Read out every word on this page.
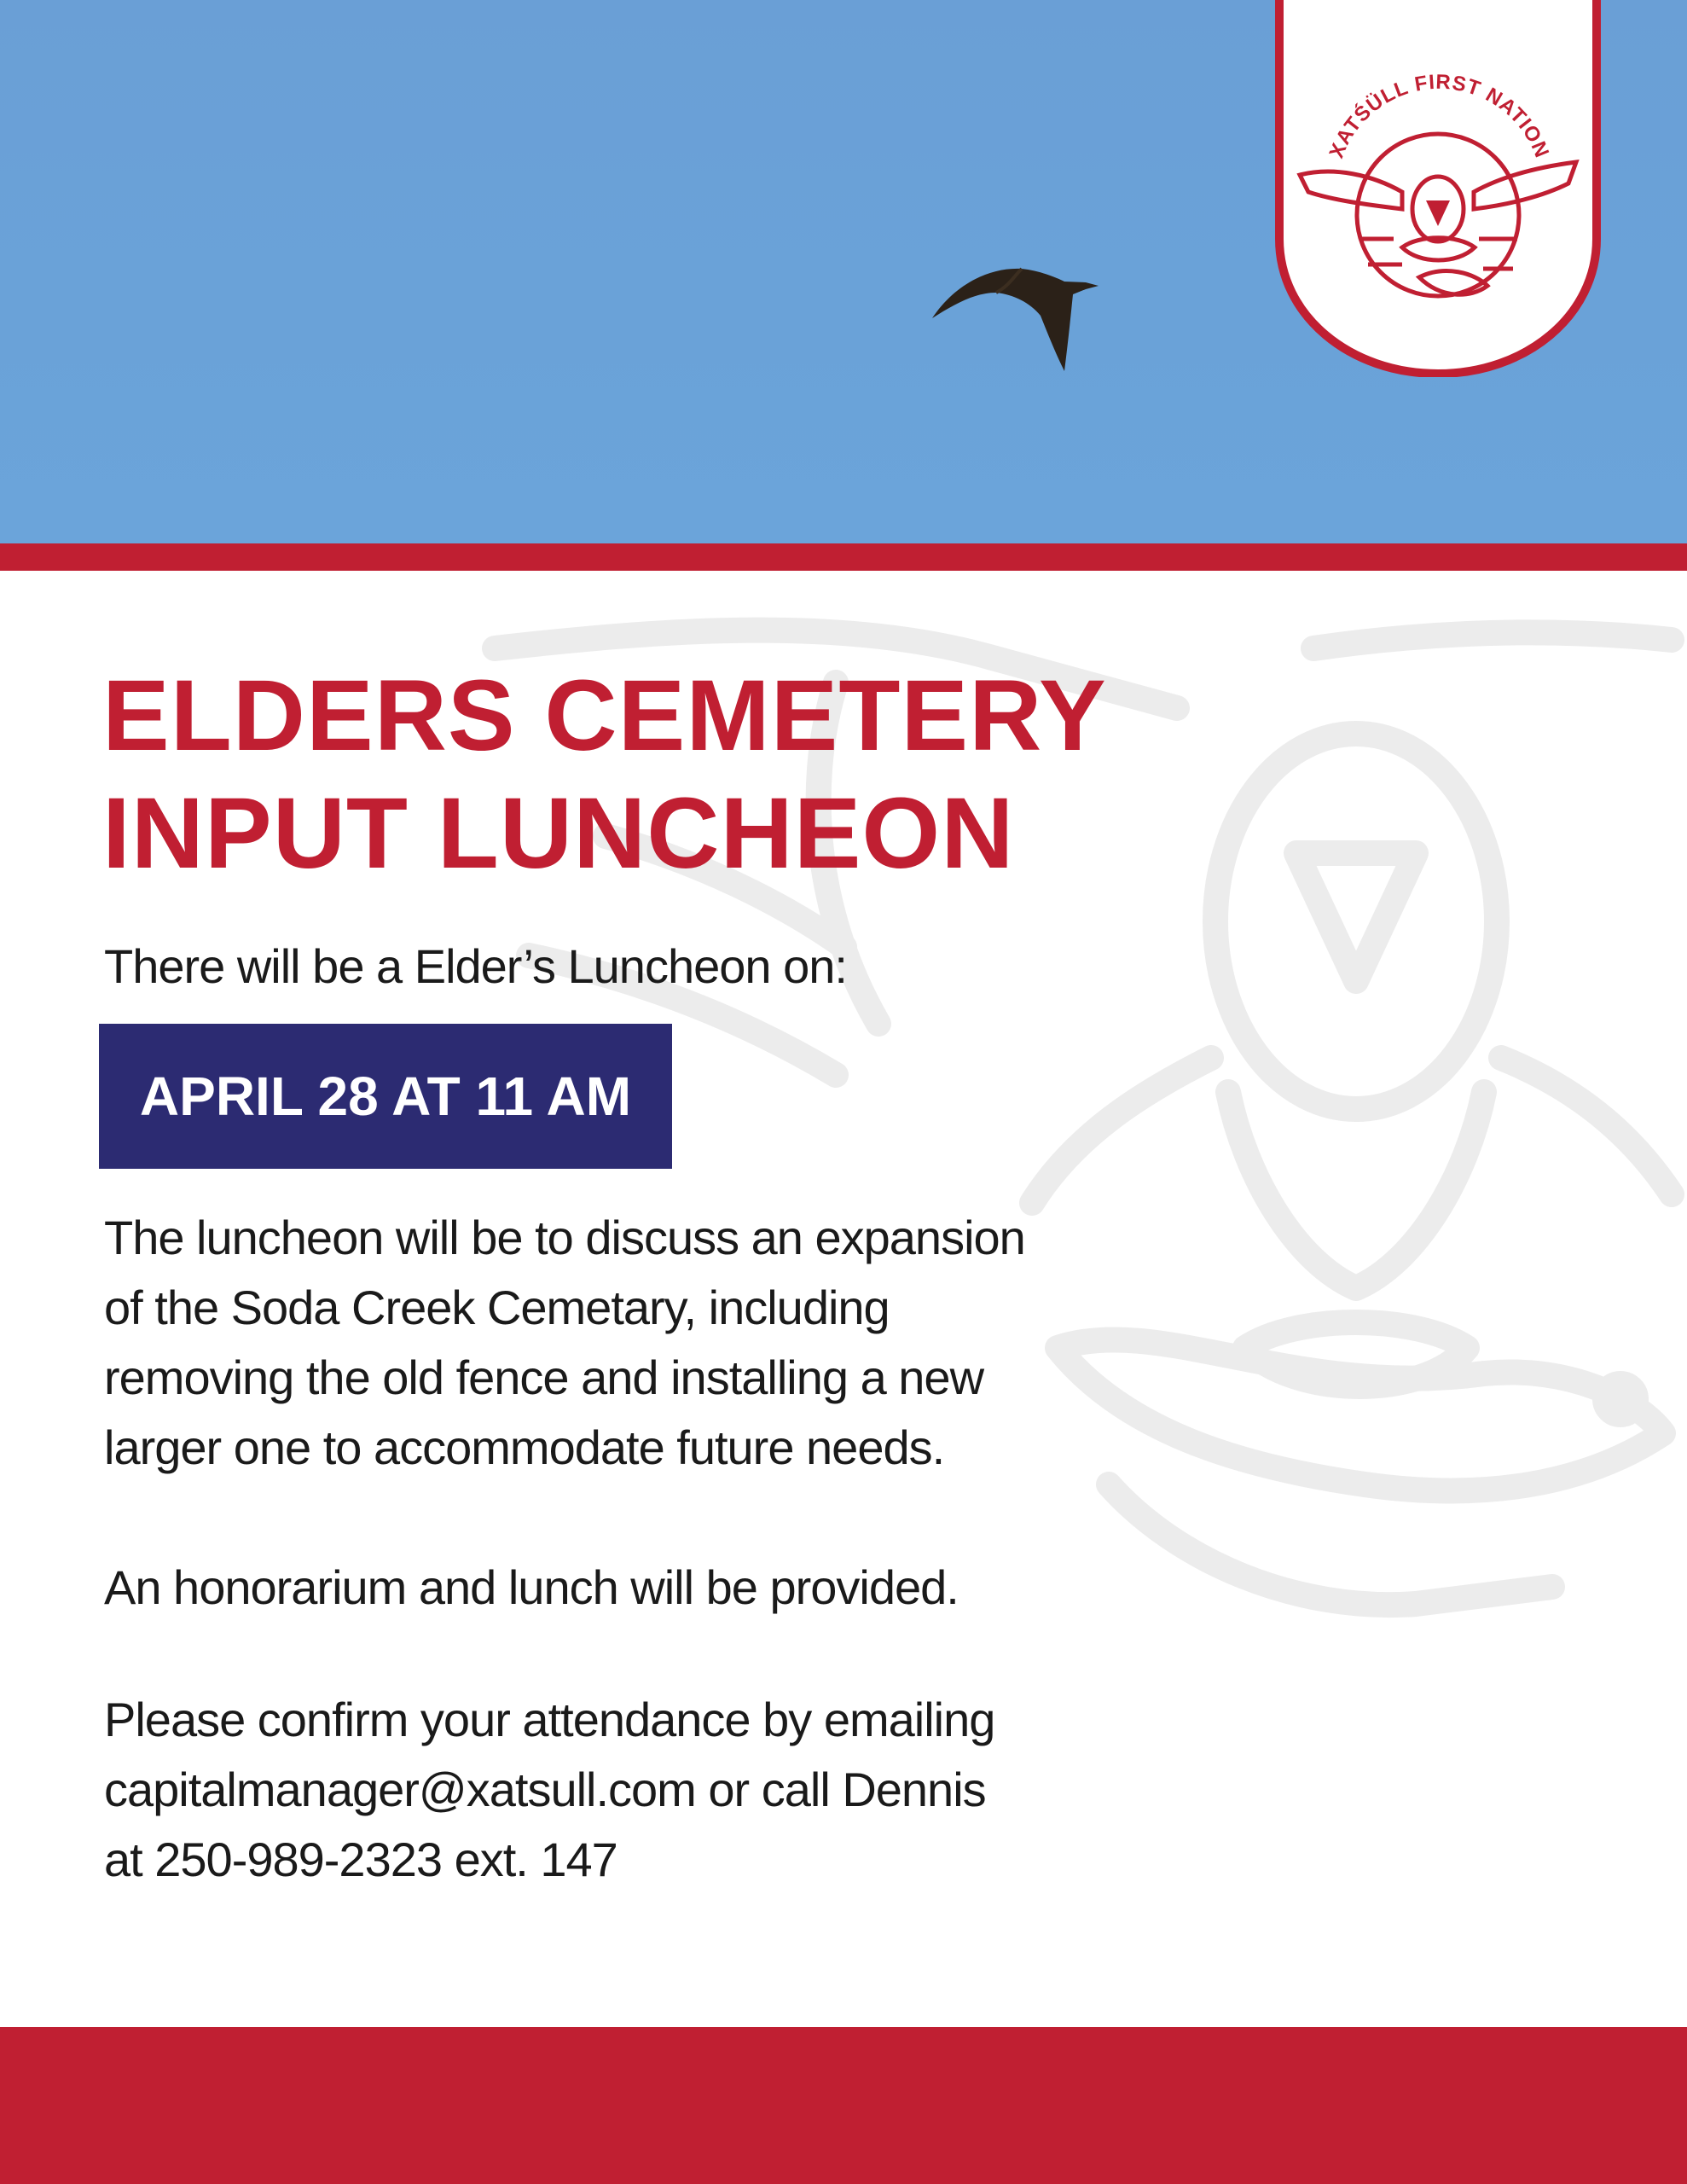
XATŚÜLL FIRST NATION
ELDERS CEMETERY
INPUT LUNCHEON

There will be a Elder’s Luncheon on:

APRIL 28 AT 11 AM

The luncheon will be to discuss an expansion
of the Soda Creek Cemetary, including
removing the old fence and installing a new
larger one to accommodate future needs.

An honorarium and lunch will be provided.

Please confirm your attendance by emailing
capitalmanager@xatsull.com or call Dennis
at 250-989-2323 ext. 147
